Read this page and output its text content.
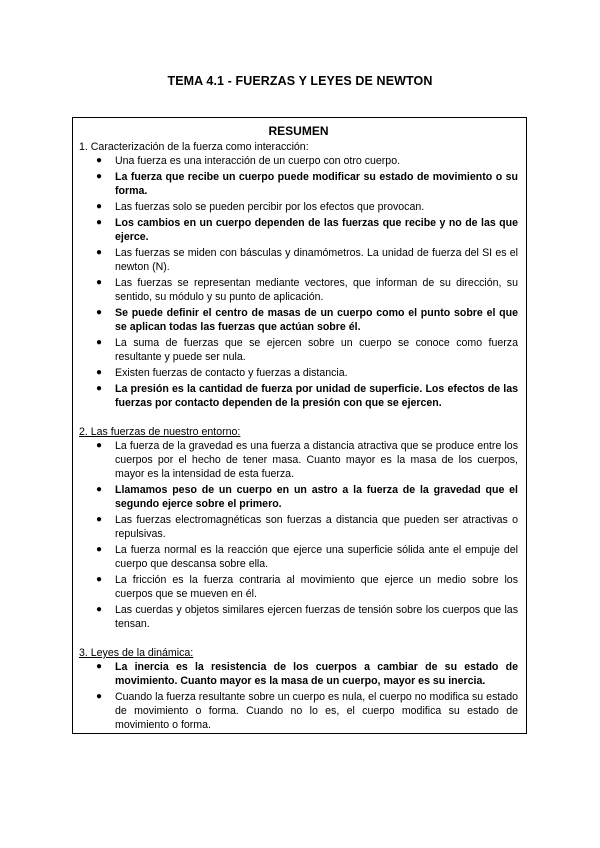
TEMA 4.1 - FUERZAS Y LEYES DE NEWTON
RESUMEN

1. Caracterización de la fuerza como interacción:

● Una fuerza es una interacción de un cuerpo con otro cuerpo.
● La fuerza que recibe un cuerpo puede modificar su estado de movimiento o su forma.
● Las fuerzas solo se pueden percibir por los efectos que provocan.
● Los cambios en un cuerpo dependen de las fuerzas que recibe y no de las que ejerce.
● Las fuerzas se miden con básculas y dinamómetros. La unidad de fuerza del SI es el newton (N).
● Las fuerzas se representan mediante vectores, que informan de su dirección, su sentido, su módulo y su punto de aplicación.
● Se puede definir el centro de masas de un cuerpo como el punto sobre el que se aplican todas las fuerzas que actúan sobre él.
● La suma de fuerzas que se ejercen sobre un cuerpo se conoce como fuerza resultante y puede ser nula.
● Existen fuerzas de contacto y fuerzas a distancia.
● La presión es la cantidad de fuerza por unidad de superficie. Los efectos de las fuerzas por contacto dependen de la presión con que se ejercen.

2. Las fuerzas de nuestro entorno:

● La fuerza de la gravedad es una fuerza a distancia atractiva que se produce entre los cuerpos por el hecho de tener masa. Cuanto mayor es la masa de los cuerpos, mayor es la intensidad de esta fuerza.
● Llamamos peso de un cuerpo en un astro a la fuerza de la gravedad que el segundo ejerce sobre el primero.
● Las fuerzas electromagnéticas son fuerzas a distancia que pueden ser atractivas o repulsivas.
● La fuerza normal es la reacción que ejerce una superficie sólida ante el empuje del cuerpo que descansa sobre ella.
● La fricción es la fuerza contraria al movimiento que ejerce un medio sobre los cuerpos que se mueven en él.
● Las cuerdas y objetos similares ejercen fuerzas de tensión sobre los cuerpos que las tensan.

3. Leyes de la dinámica:

● La inercia es la resistencia de los cuerpos a cambiar de su estado de movimiento. Cuanto mayor es la masa de un cuerpo, mayor es su inercia.
● Cuando la fuerza resultante sobre un cuerpo es nula, el cuerpo no modifica su estado de movimiento o forma. Cuando no lo es, el cuerpo modifica su estado de movimiento o forma.
